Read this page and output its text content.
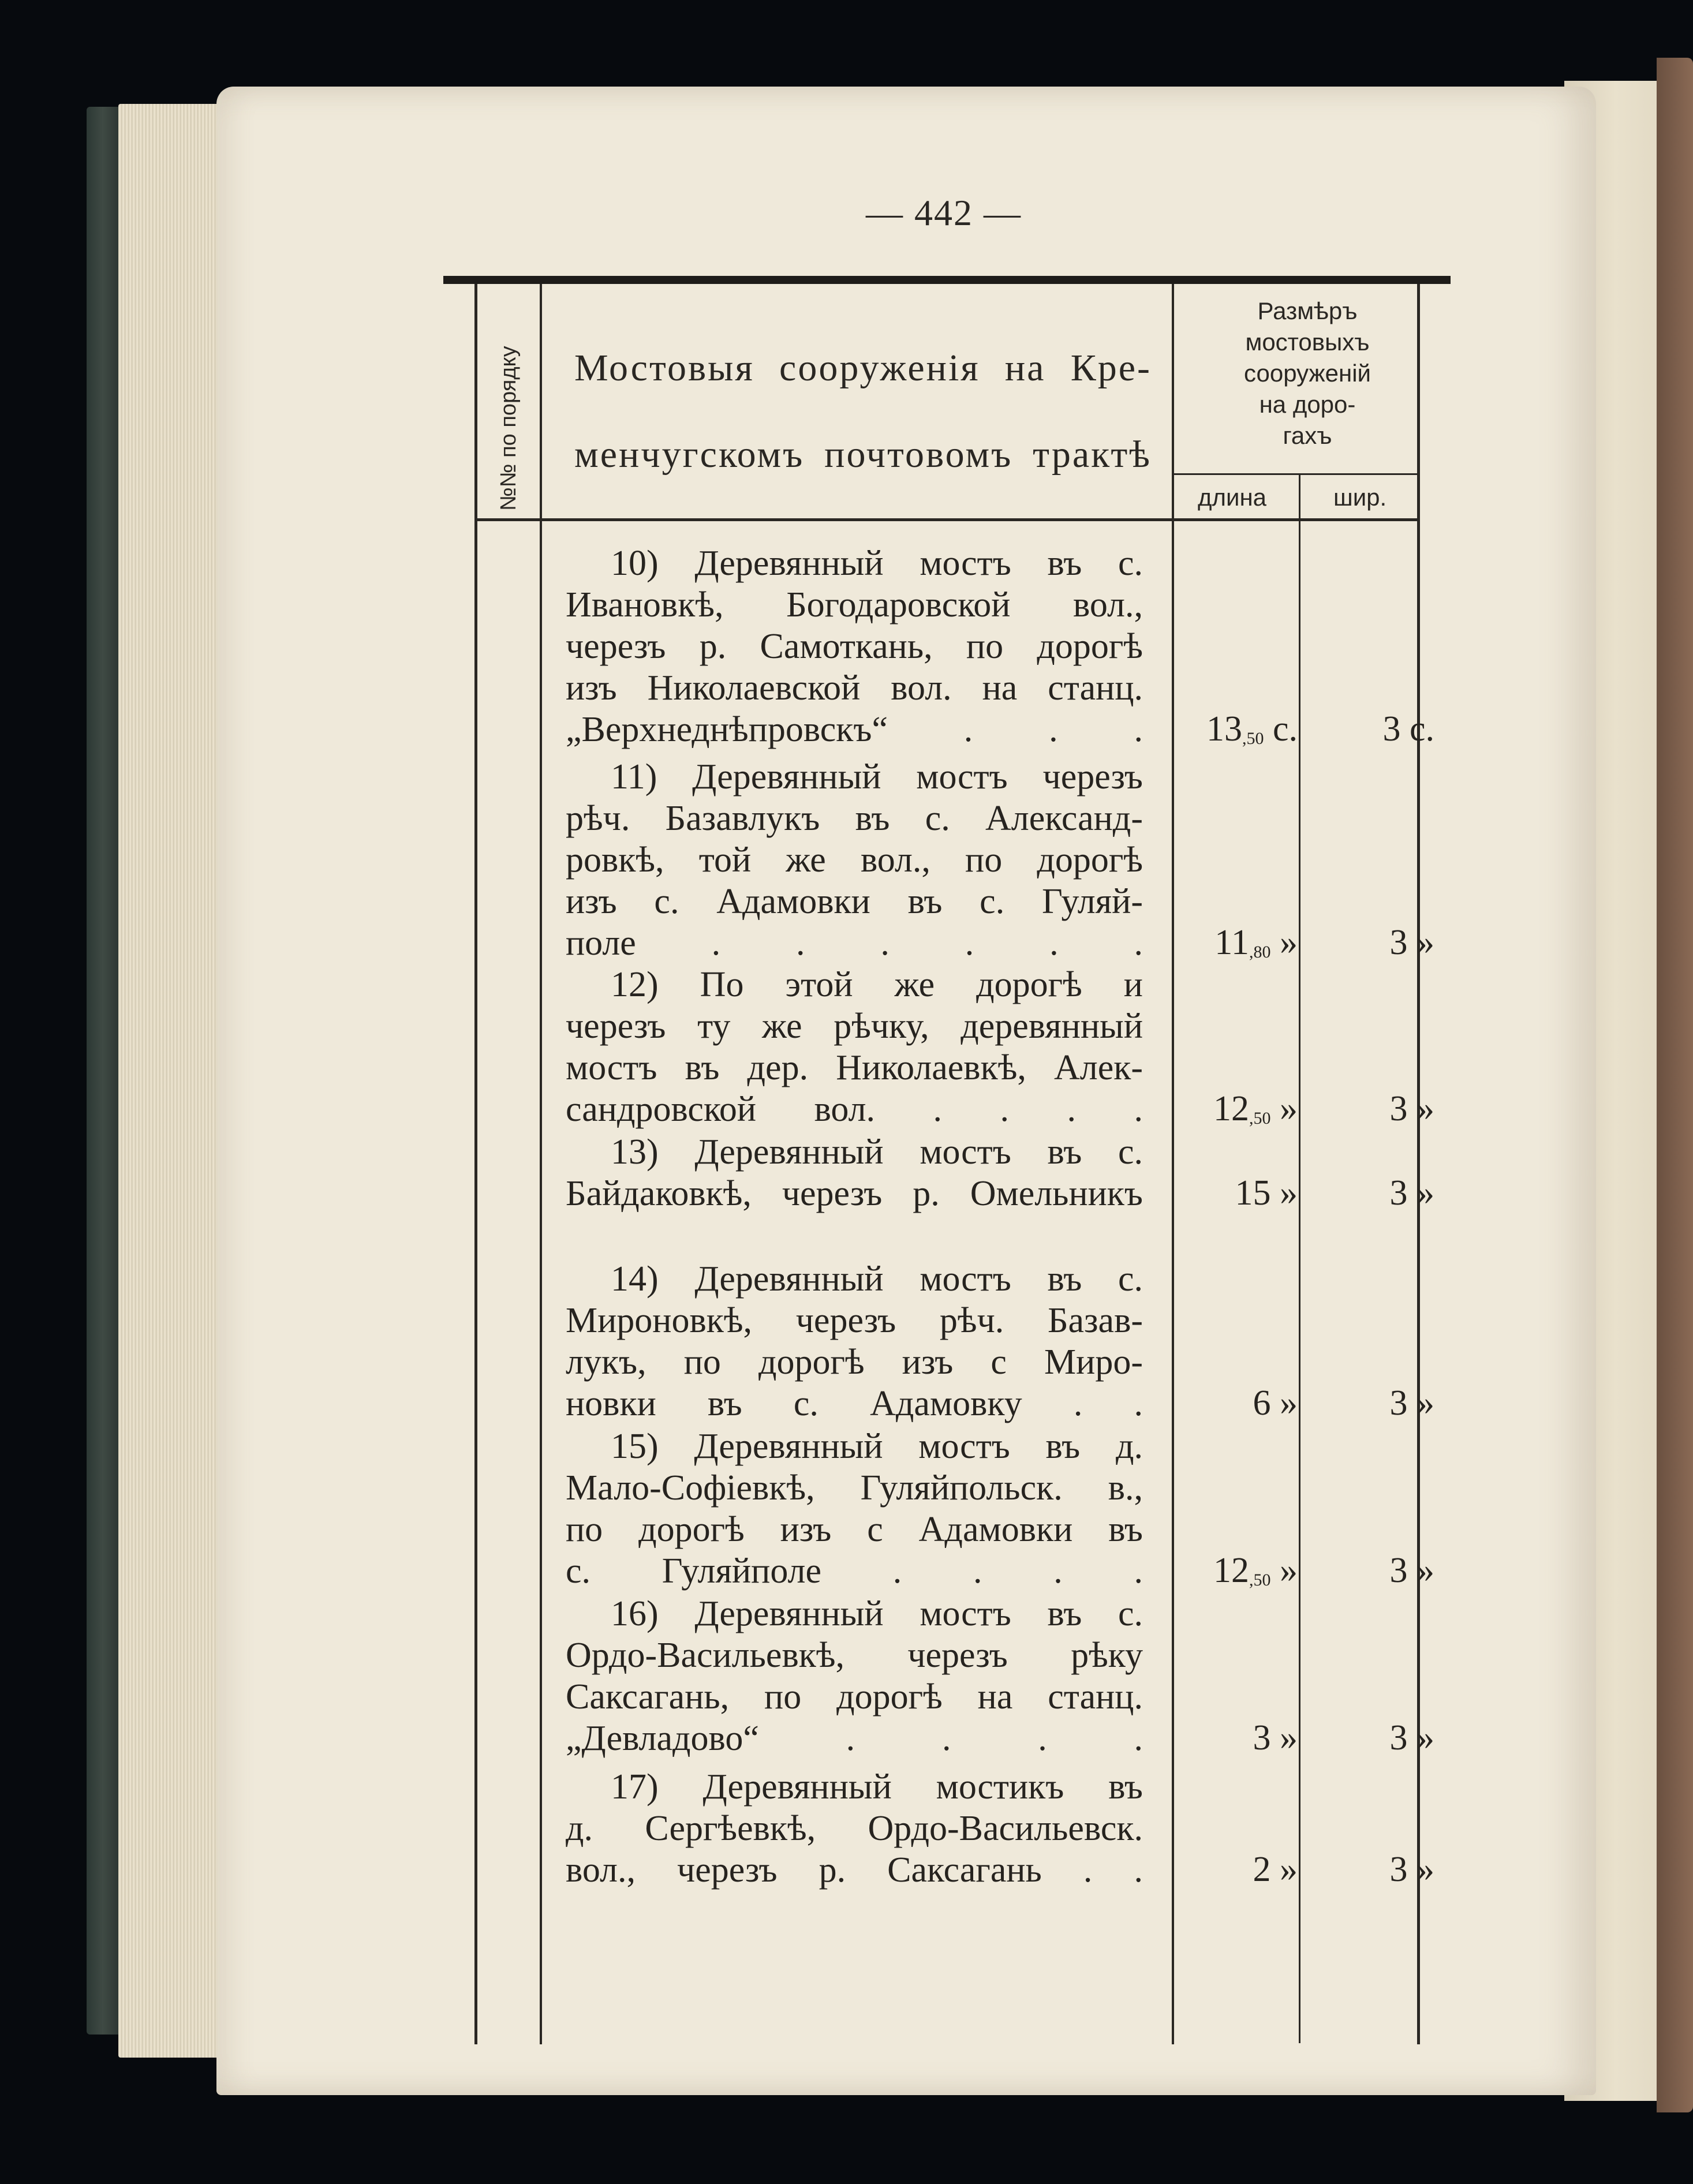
— 442 —
№№ по порядку Мостовыя сооруженія на Кре-
менчугскомъ почтовомъ трактѣ
Размѣръ
мостовыхъ
сооруженій
на доро-
гахъ
длина	шир.
10) Деревянный мостъ въ с.
Ивановкѣ, Богодаровской вол.,
черезъ р. Самоткань, по дорогѣ
изъ Николаевской вол. на станц.
„Верхнеднѣпровскъ“ . . .	$13_{,50}$ с.	3 с.
11) Деревянный мостъ черезъ
рѣч. Базавлукъ въ с. Александ-
ровкѣ, той же вол., по дорогѣ
изъ с. Адамовки въ с. Гуляй-
поле . . . . . .	$11_{,80}$ »	3 »
12) По этой же дорогѣ и
черезъ ту же рѣчку, деревянный
мостъ въ дер. Николаевкѣ, Алек-
сандровской вол. . . . .	$12_{,50}$ »	3 »
13) Деревянный мостъ въ с.
Байдаковкѣ, черезъ р. Омельникъ	15 »	3 »
14) Деревянный мостъ въ с.
Мироновкѣ, черезъ рѣч. Базав-
лукъ, по дорогѣ изъ с Миро-
новки въ с. Адамовку . .	6 »	3 »
15) Деревянный мостъ въ д.
Мало-Софіевкѣ, Гуляйпольск. в.,
по дорогѣ изъ с Адамовки въ
с. Гуляйполе . . . .	$12_{,50}$ »	3 »
16) Деревянный мостъ въ с.
Ордо-Васильевкѣ, черезъ рѣку
Саксагань, по дорогѣ на станц.
„Девладово“ . . . .	3 »	3 »
17) Деревянный мостикъ въ
д. Сергѣевкѣ, Ордо-Васильевск.
вол., черезъ р. Саксагань . .	2 »	3 »
